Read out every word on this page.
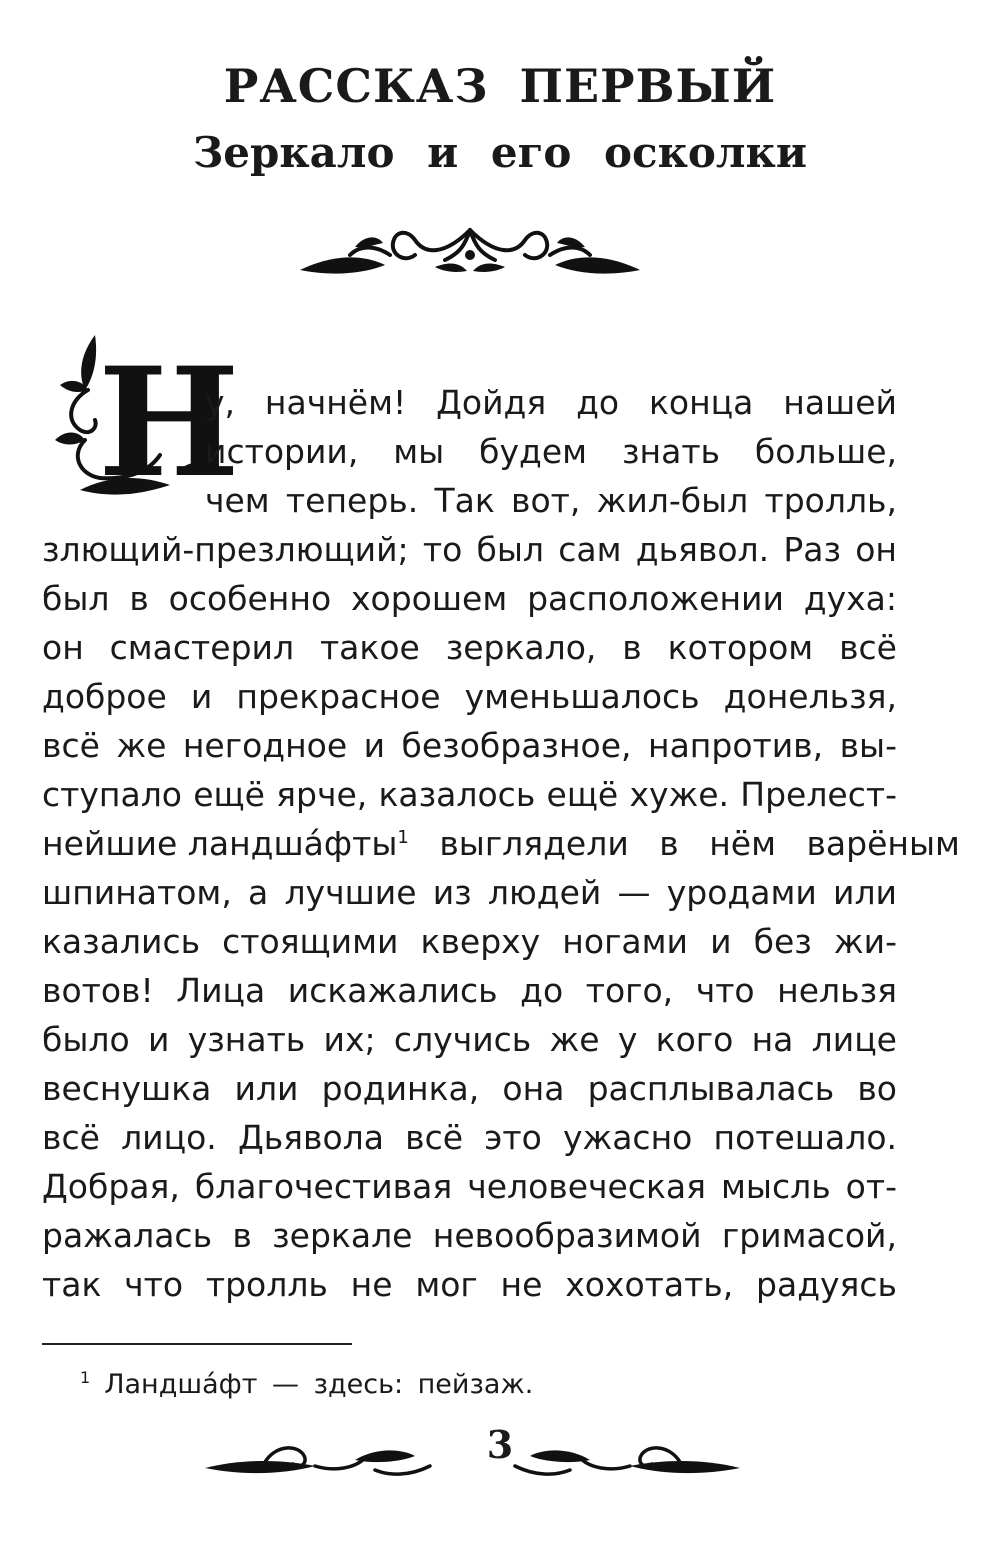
РАССКАЗ ПЕРВЫЙ
Зеркало и его осколки
Н
у, начнём! Дойдя до конца нашей
истории, мы будем знать больше,
чем теперь. Так вот, жил-был тролль,
злющий-презлющий; то был сам дьявол. Раз он
был в особенно хорошем расположении духа:
он смастерил такое зеркало, в котором всё
доброе и прекрасное уменьшалось донельзя,
всё же негодное и безобразное, напротив, вы-
ступало ещё ярче, казалось ещё хуже. Прелест-
нейшие ландша́фты$^1$ выглядели в нём варёным
шпинатом, а лучшие из людей — уродами или
казались стоящими кверху ногами и без жи-
вотов! Лица искажались до того, что нельзя
было и узнать их; случись же у кого на лице
веснушка или родинка, она расплывалась во
всё лицо. Дьявола всё это ужасно потешало.
Добрая, благочестивая человеческая мысль от-
ражалась в зеркале невообразимой гримасой,
так что тролль не мог не хохотать, радуясь
$^1$ Ландша́фт — здесь: пейзаж.
3
